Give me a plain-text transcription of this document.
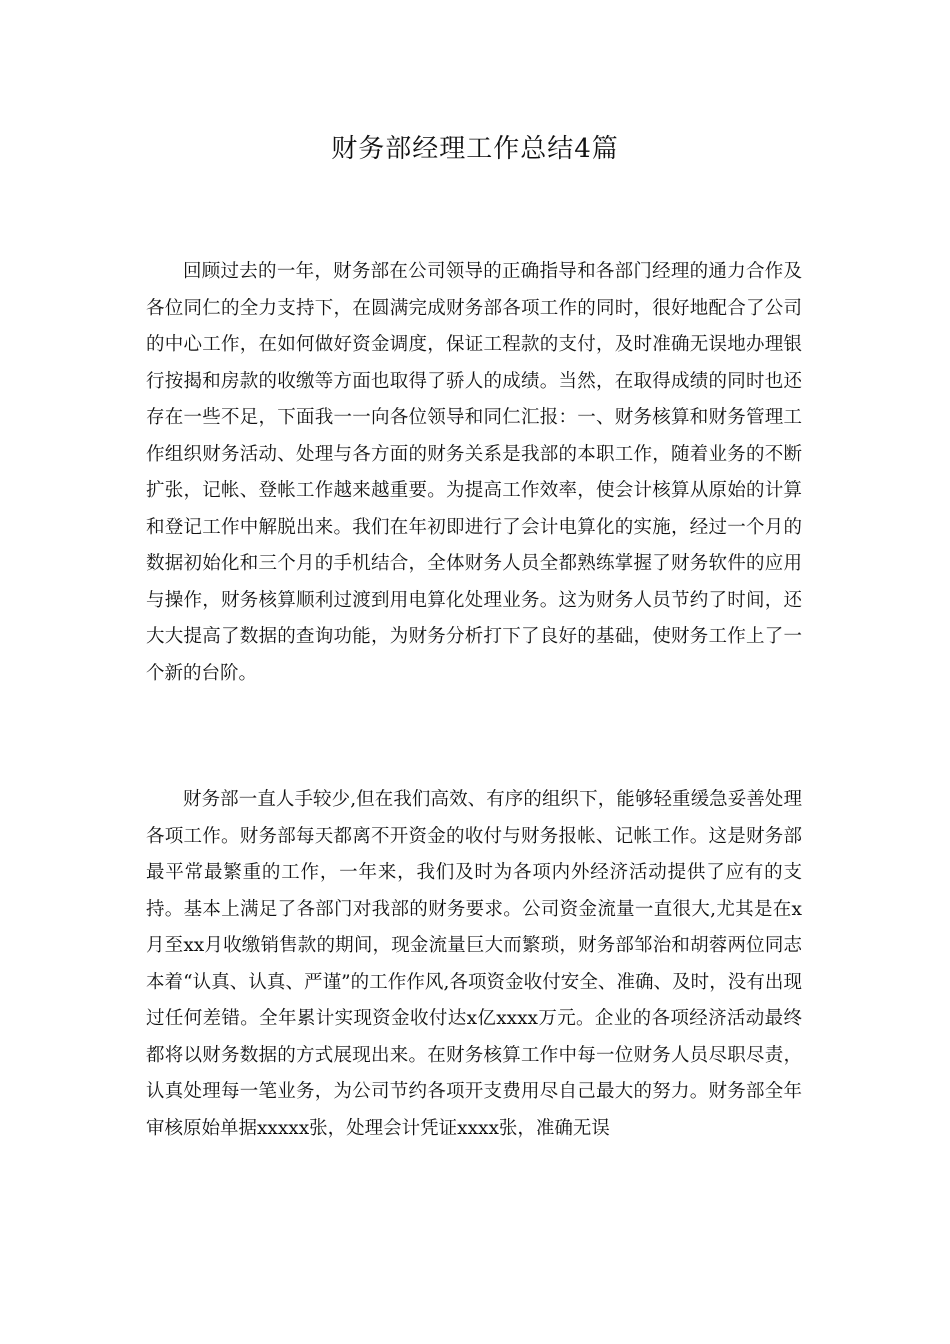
财务部经理工作总结4篇

回顾过去的一年，财务部在公司领导的正确指导和各部门经理的通力合作及各位同仁的全力支持下，在圆满完成财务部各项工作的同时，很好地配合了公司的中心工作，在如何做好资金调度，保证工程款的支付，及时准确无误地办理银行按揭和房款的收缴等方面也取得了骄人的成绩。当然，在取得成绩的同时也还存在一些不足，下面我一一向各位领导和同仁汇报：一、财务核算和财务管理工作组织财务活动、处理与各方面的财务关系是我部的本职工作，随着业务的不断扩张，记帐、登帐工作越来越重要。为提高工作效率，使会计核算从原始的计算和登记工作中解脱出来。我们在年初即进行了会计电算化的实施，经过一个月的数据初始化和三个月的手机结合，全体财务人员全都熟练掌握了财务软件的应用与操作，财务核算顺利过渡到用电算化处理业务。这为财务人员节约了时间，还大大提高了数据的查询功能，为财务分析打下了良好的基础，使财务工作上了一个新的台阶。

财务部一直人手较少,但在我们高效、有序的组织下，能够轻重缓急妥善处理各项工作。财务部每天都离不开资金的收付与财务报帐、记帐工作。这是财务部最平常最繁重的工作，一年来，我们及时为各项内外经济活动提供了应有的支持。基本上满足了各部门对我部的财务要求。公司资金流量一直很大,尤其是在x月至xx月收缴销售款的期间，现金流量巨大而繁琐，财务部邹治和胡蓉两位同志本着“认真、认真、严谨”的工作作风,各项资金收付安全、准确、及时，没有出现过任何差错。全年累计实现资金收付达x亿xxxx万元。企业的各项经济活动最终都将以财务数据的方式展现出来。在财务核算工作中每一位财务人员尽职尽责，认真处理每一笔业务，为公司节约各项开支费用尽自己最大的努力。财务部全年审核原始单据xxxxx张，处理会计凭证xxxx张，准确无误
